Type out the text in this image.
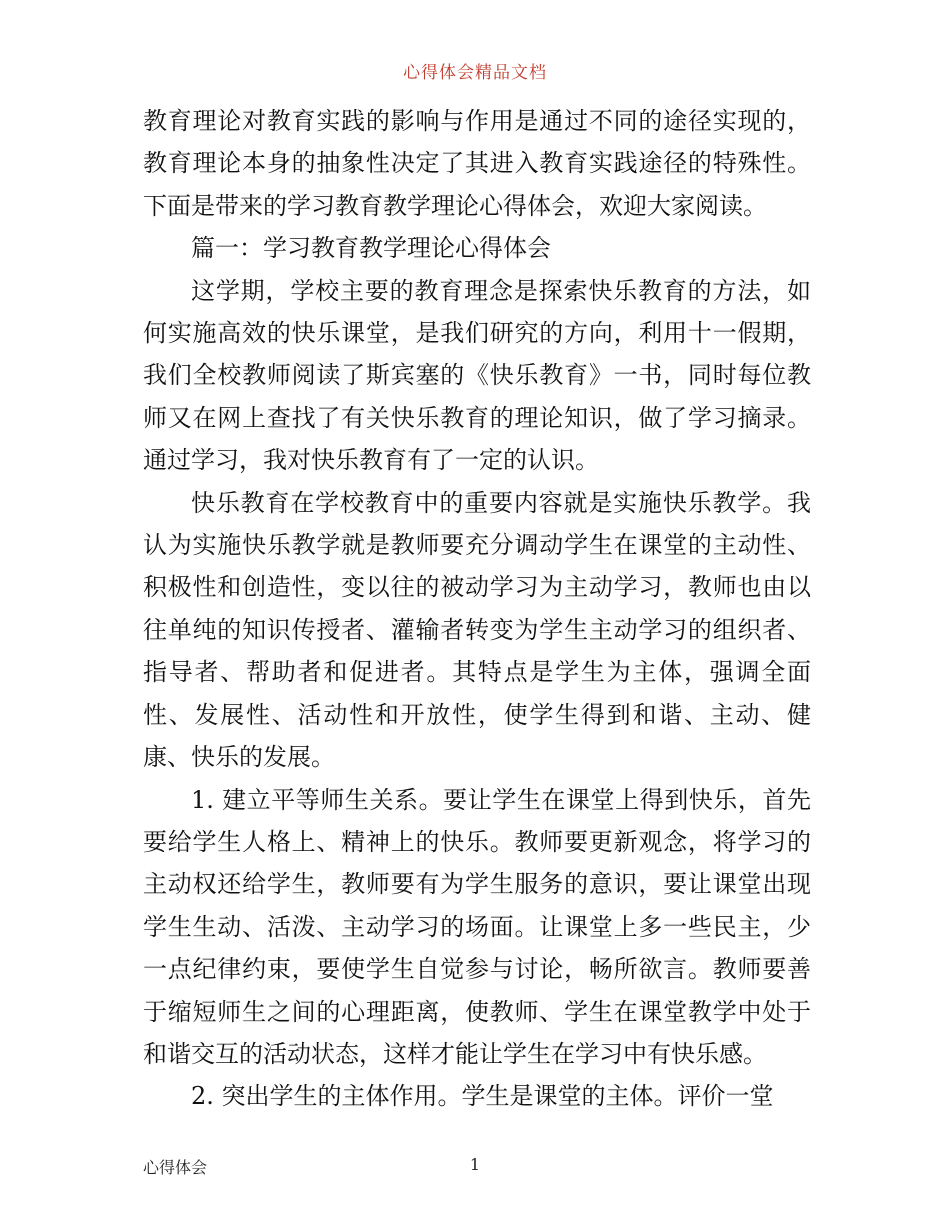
心得体会精品文档

教育理论对教育实践的影响与作用是通过不同的途径实现的，教育理论本身的抽象性决定了其进入教育实践途径的特殊性。下面是带来的学习教育教学理论心得体会，欢迎大家阅读。

篇一：学习教育教学理论心得体会

这学期，学校主要的教育理念是探索快乐教育的方法，如何实施高效的快乐课堂，是我们研究的方向，利用十一假期，我们全校教师阅读了斯宾塞的《快乐教育》一书，同时每位教师又在网上查找了有关快乐教育的理论知识，做了学习摘录。通过学习，我对快乐教育有了一定的认识。

快乐教育在学校教育中的重要内容就是实施快乐教学。我认为实施快乐教学就是教师要充分调动学生在课堂的主动性、积极性和创造性，变以往的被动学习为主动学习，教师也由以往单纯的知识传授者、灌输者转变为学生主动学习的组织者、指导者、帮助者和促进者。其特点是学生为主体，强调全面性、发展性、活动性和开放性，使学生得到和谐、主动、健康、快乐的发展。

1. 建立平等师生关系。要让学生在课堂上得到快乐，首先要给学生人格上、精神上的快乐。教师要更新观念，将学习的主动权还给学生，教师要有为学生服务的意识，要让课堂出现学生生动、活泼、主动学习的场面。让课堂上多一些民主，少一点纪律约束，要使学生自觉参与讨论，畅所欲言。教师要善于缩短师生之间的心理距离，使教师、学生在课堂教学中处于和谐交互的活动状态，这样才能让学生在学习中有快乐感。

2. 突出学生的主体作用。学生是课堂的主体。评价一堂

心得体会	1
